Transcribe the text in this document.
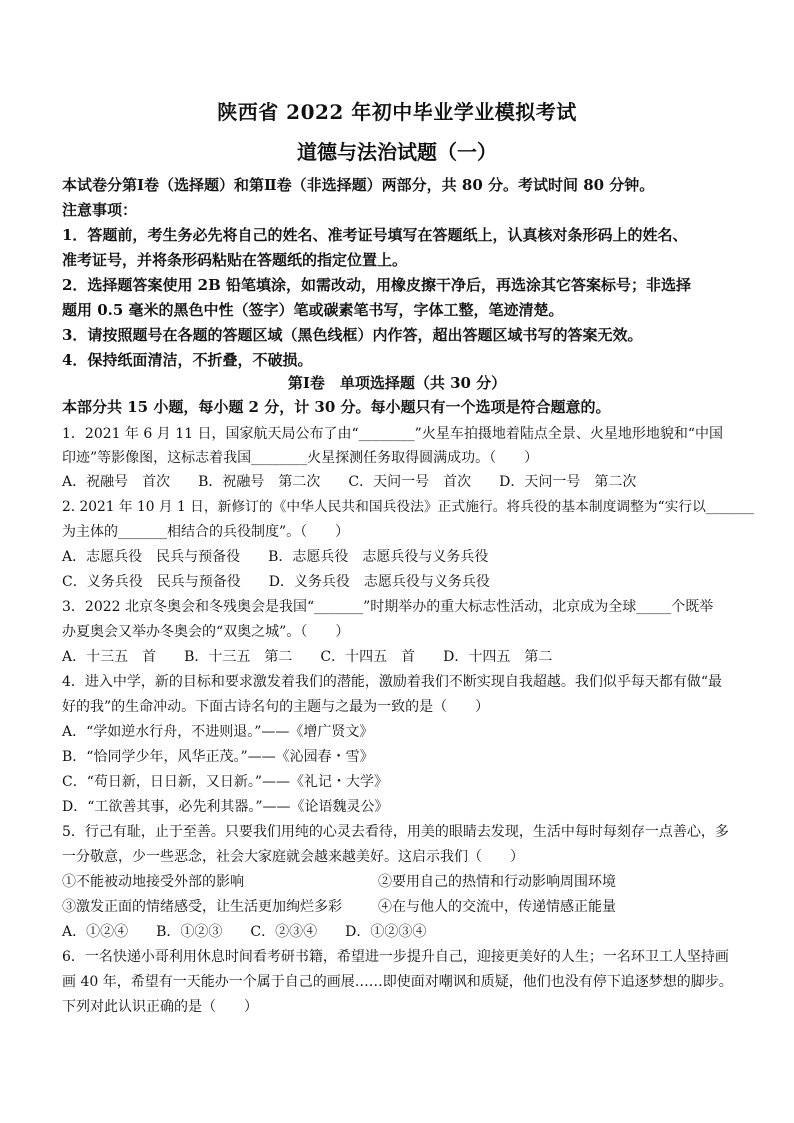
陕西省 2022 年初中毕业学业模拟考试
道德与法治试题（一）
本试卷分第Ⅰ卷（选择题）和第Ⅱ卷（非选择题）两部分，共 80 分。考试时间 80 分钟。
注意事项：
1．答题前，考生务必先将自己的姓名、准考证号填写在答题纸上，认真核对条形码上的姓名、
准考证号，并将条形码粘贴在答题纸的指定位置上。
2．选择题答案使用 2B 铅笔填涂，如需改动，用橡皮擦干净后，再选涂其它答案标号；非选择
题用 0.5 毫米的黑色中性（签字）笔或碳素笔书写，字体工整，笔迹清楚。
3．请按照题号在各题的答题区域（黑色线框）内作答，超出答题区域书写的答案无效。
4．保持纸面清洁，不折叠，不破损。
第Ⅰ卷　单项选择题（共 30 分）
本部分共 15 小题，每小题 2 分，计 30 分。每小题只有一个选项是符合题意的。
1．2021 年 6 月 11 日，国家航天局公布了由“________”火星车拍摄地着陆点全景、火星地形地貌和“中国
印迹”等影像图，这标志着我国________火星探测任务取得圆满成功。（　　）
A．祝融号　首次　　B．祝融号　第二次　　C．天问一号　首次　　D．天问一号　第二次
2. 2021 年 10 月 1 日，新修订的《中华人民共和国兵役法》正式施行。将兵役的基本制度调整为“实行以_______
为主体的_______相结合的兵役制度”。（　　）
A．志愿兵役　民兵与预备役　　B．志愿兵役　志愿兵役与义务兵役
C．义务兵役　民兵与预备役　　D．义务兵役　志愿兵役与义务兵役
3．2022 北京冬奥会和冬残奥会是我国“_______”时期举办的重大标志性活动，北京成为全球_____个既举
办夏奥会又举办冬奥会的“双奥之城”。（　　）
A．十三五　首　　B．十三五　第二　　C．十四五　首　　D．十四五　第二
4．进入中学，新的目标和要求激发着我们的潜能，激励着我们不断实现自我超越。我们似乎每天都有做“最
好的我”的生命冲动。下面古诗名句的主题与之最为一致的是（　　）
A．“学如逆水行舟，不进则退。”——《增广贤文》
B．“恰同学少年，风华正茂。”——《沁园春・雪》
C．“苟日新，日日新，又日新。”——《礼记・大学》
D．“工欲善其事，必先利其器。”——《论语魏灵公》
5．行己有耻，止于至善。只要我们用纯的心灵去看待，用美的眼睛去发现，生活中每时每刻存一点善心，多
一分敬意，少一些恶念，社会大家庭就会越来越美好。这启示我们（　　）
①不能被动地接受外部的影响	②要用自己的热情和行动影响周围环境
③激发正面的情绪感受，让生活更加绚烂多彩	④在与他人的交流中，传递情感正能量
A．①②④　　B．①②③　　C．②③④　　D．①②③④
6．一名快递小哥利用休息时间看考研书籍，希望进一步提升自己，迎接更美好的人生；一名环卫工人坚持画
画 40 年，希望有一天能办一个属于自己的画展……即使面对嘲讽和质疑，他们也没有停下追逐梦想的脚步。
下列对此认识正确的是（　　）
